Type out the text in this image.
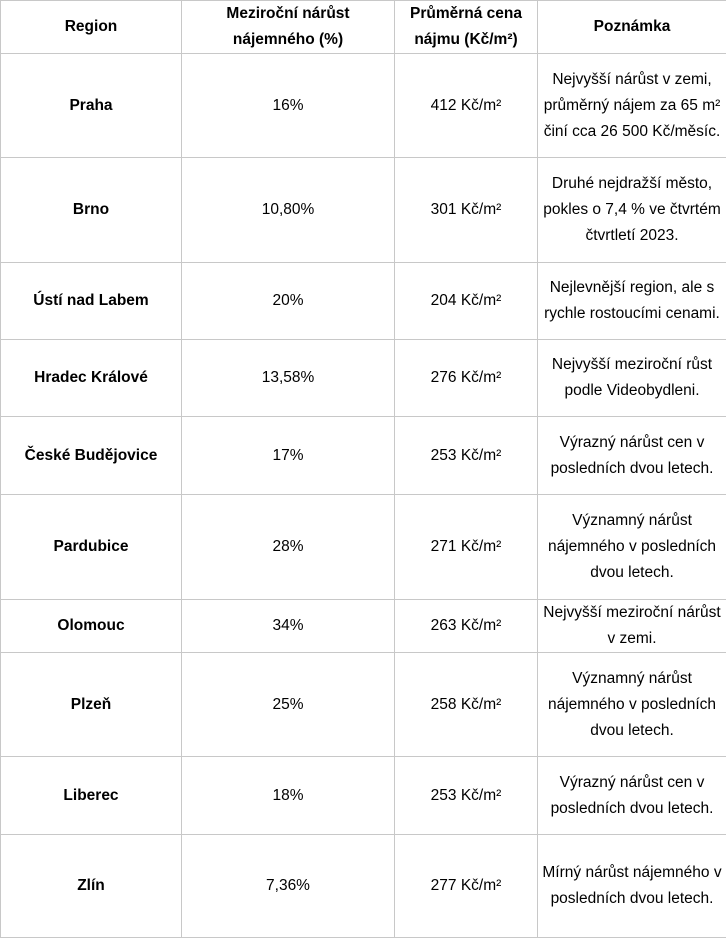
Region	Meziroční nárůst nájemného (%)	Průměrná cena nájmu (Kč/m²)	Poznámka
Praha	16%	412 Kč/m²	Nejvyšší nárůst v zemi, průměrný nájem za 65 m² činí cca 26 500 Kč/měsíc.
Brno	10,80%	301 Kč/m²	Druhé nejdražší město, pokles o 7,4 % ve čtvrtém čtvrtletí 2023.
Ústí nad Labem	20%	204 Kč/m²	Nejlevnější region, ale s rychle rostoucími cenami.
Hradec Králové	13,58%	276 Kč/m²	Nejvyšší meziroční růst podle Videobydleni.
České Budějovice	17%	253 Kč/m²	Výrazný nárůst cen v posledních dvou letech.
Pardubice	28%	271 Kč/m²	Významný nárůst nájemného v posledních dvou letech.
Olomouc	34%	263 Kč/m²	Nejvyšší meziroční nárůst v zemi.
Plzeň	25%	258 Kč/m²	Významný nárůst nájemného v posledních dvou letech.
Liberec	18%	253 Kč/m²	Výrazný nárůst cen v posledních dvou letech.
Zlín	7,36%	277 Kč/m²	Mírný nárůst nájemného v posledních dvou letech.
